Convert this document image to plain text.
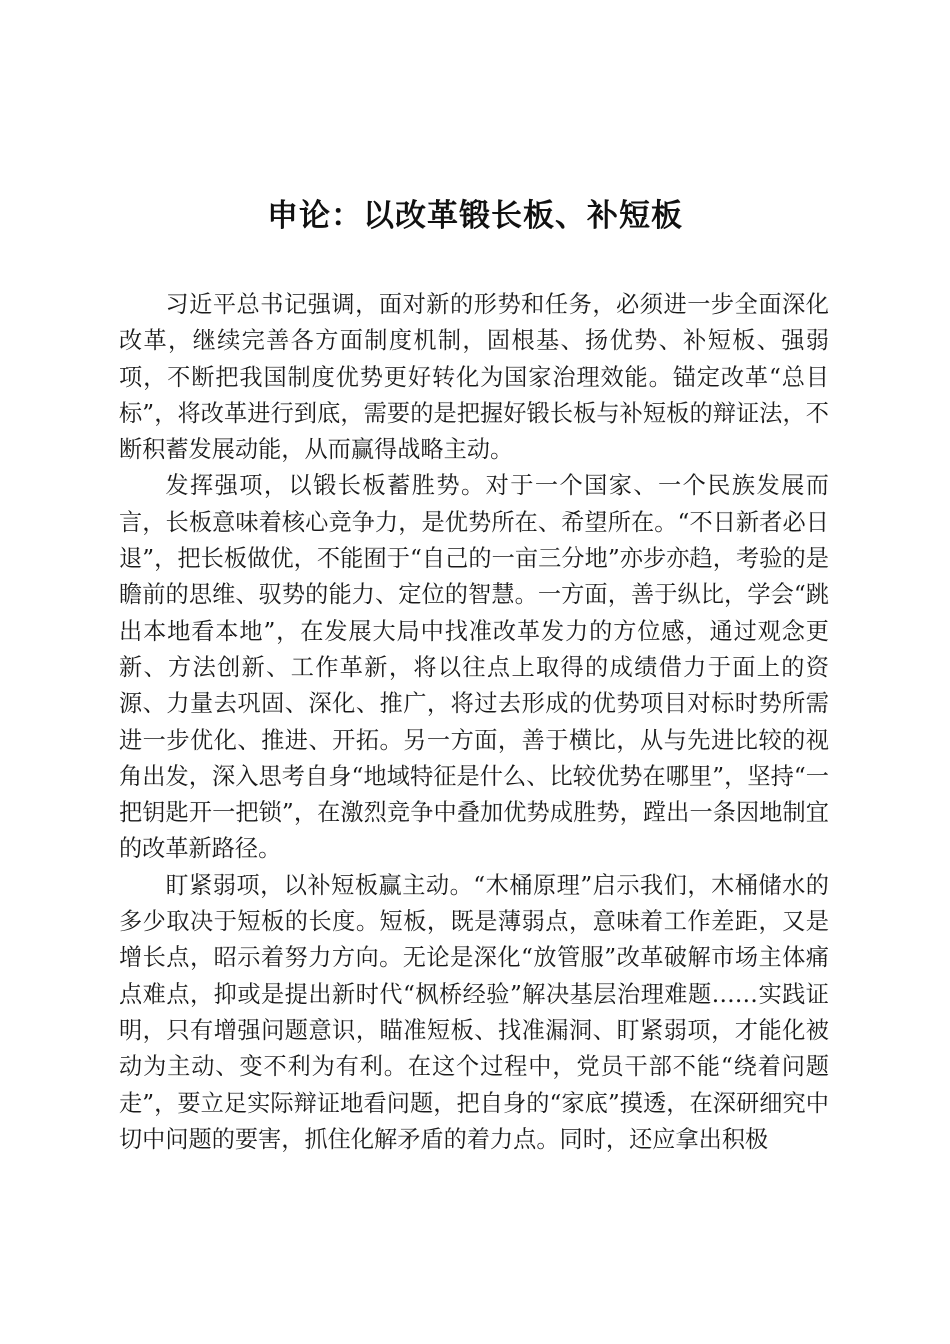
申论：以改革锻长板、补短板

习近平总书记强调，面对新的形势和任务，必须进一步全面深化改革，继续完善各方面制度机制，固根基、扬优势、补短板、强弱项，不断把我国制度优势更好转化为国家治理效能。锚定改革“总目标”，将改革进行到底，需要的是把握好锻长板与补短板的辩证法，不断积蓄发展动能，从而赢得战略主动。

发挥强项，以锻长板蓄胜势。对于一个国家、一个民族发展而言，长板意味着核心竞争力，是优势所在、希望所在。“不日新者必日退”，把长板做优，不能囿于“自己的一亩三分地”亦步亦趋，考验的是瞻前的思维、驭势的能力、定位的智慧。一方面，善于纵比，学会“跳出本地看本地”，在发展大局中找准改革发力的方位感，通过观念更新、方法创新、工作革新，将以往点上取得的成绩借力于面上的资源、力量去巩固、深化、推广，将过去形成的优势项目对标时势所需进一步优化、推进、开拓。另一方面，善于横比，从与先进比较的视角出发，深入思考自身“地域特征是什么、比较优势在哪里”，坚持“一把钥匙开一把锁”，在激烈竞争中叠加优势成胜势，蹚出一条因地制宜的改革新路径。

盯紧弱项，以补短板赢主动。“木桶原理”启示我们，木桶储水的多少取决于短板的长度。短板，既是薄弱点，意味着工作差距，又是增长点，昭示着努力方向。无论是深化“放管服”改革破解市场主体痛点难点，抑或是提出新时代“枫桥经验”解决基层治理难题……实践证明，只有增强问题意识，瞄准短板、找准漏洞、盯紧弱项，才能化被动为主动、变不利为有利。在这个过程中，党员干部不能“绕着问题走”，要立足实际辩证地看问题，把自身的“家底”摸透，在深研细究中切中问题的要害，抓住化解矛盾的着力点。同时，还应拿出积极
